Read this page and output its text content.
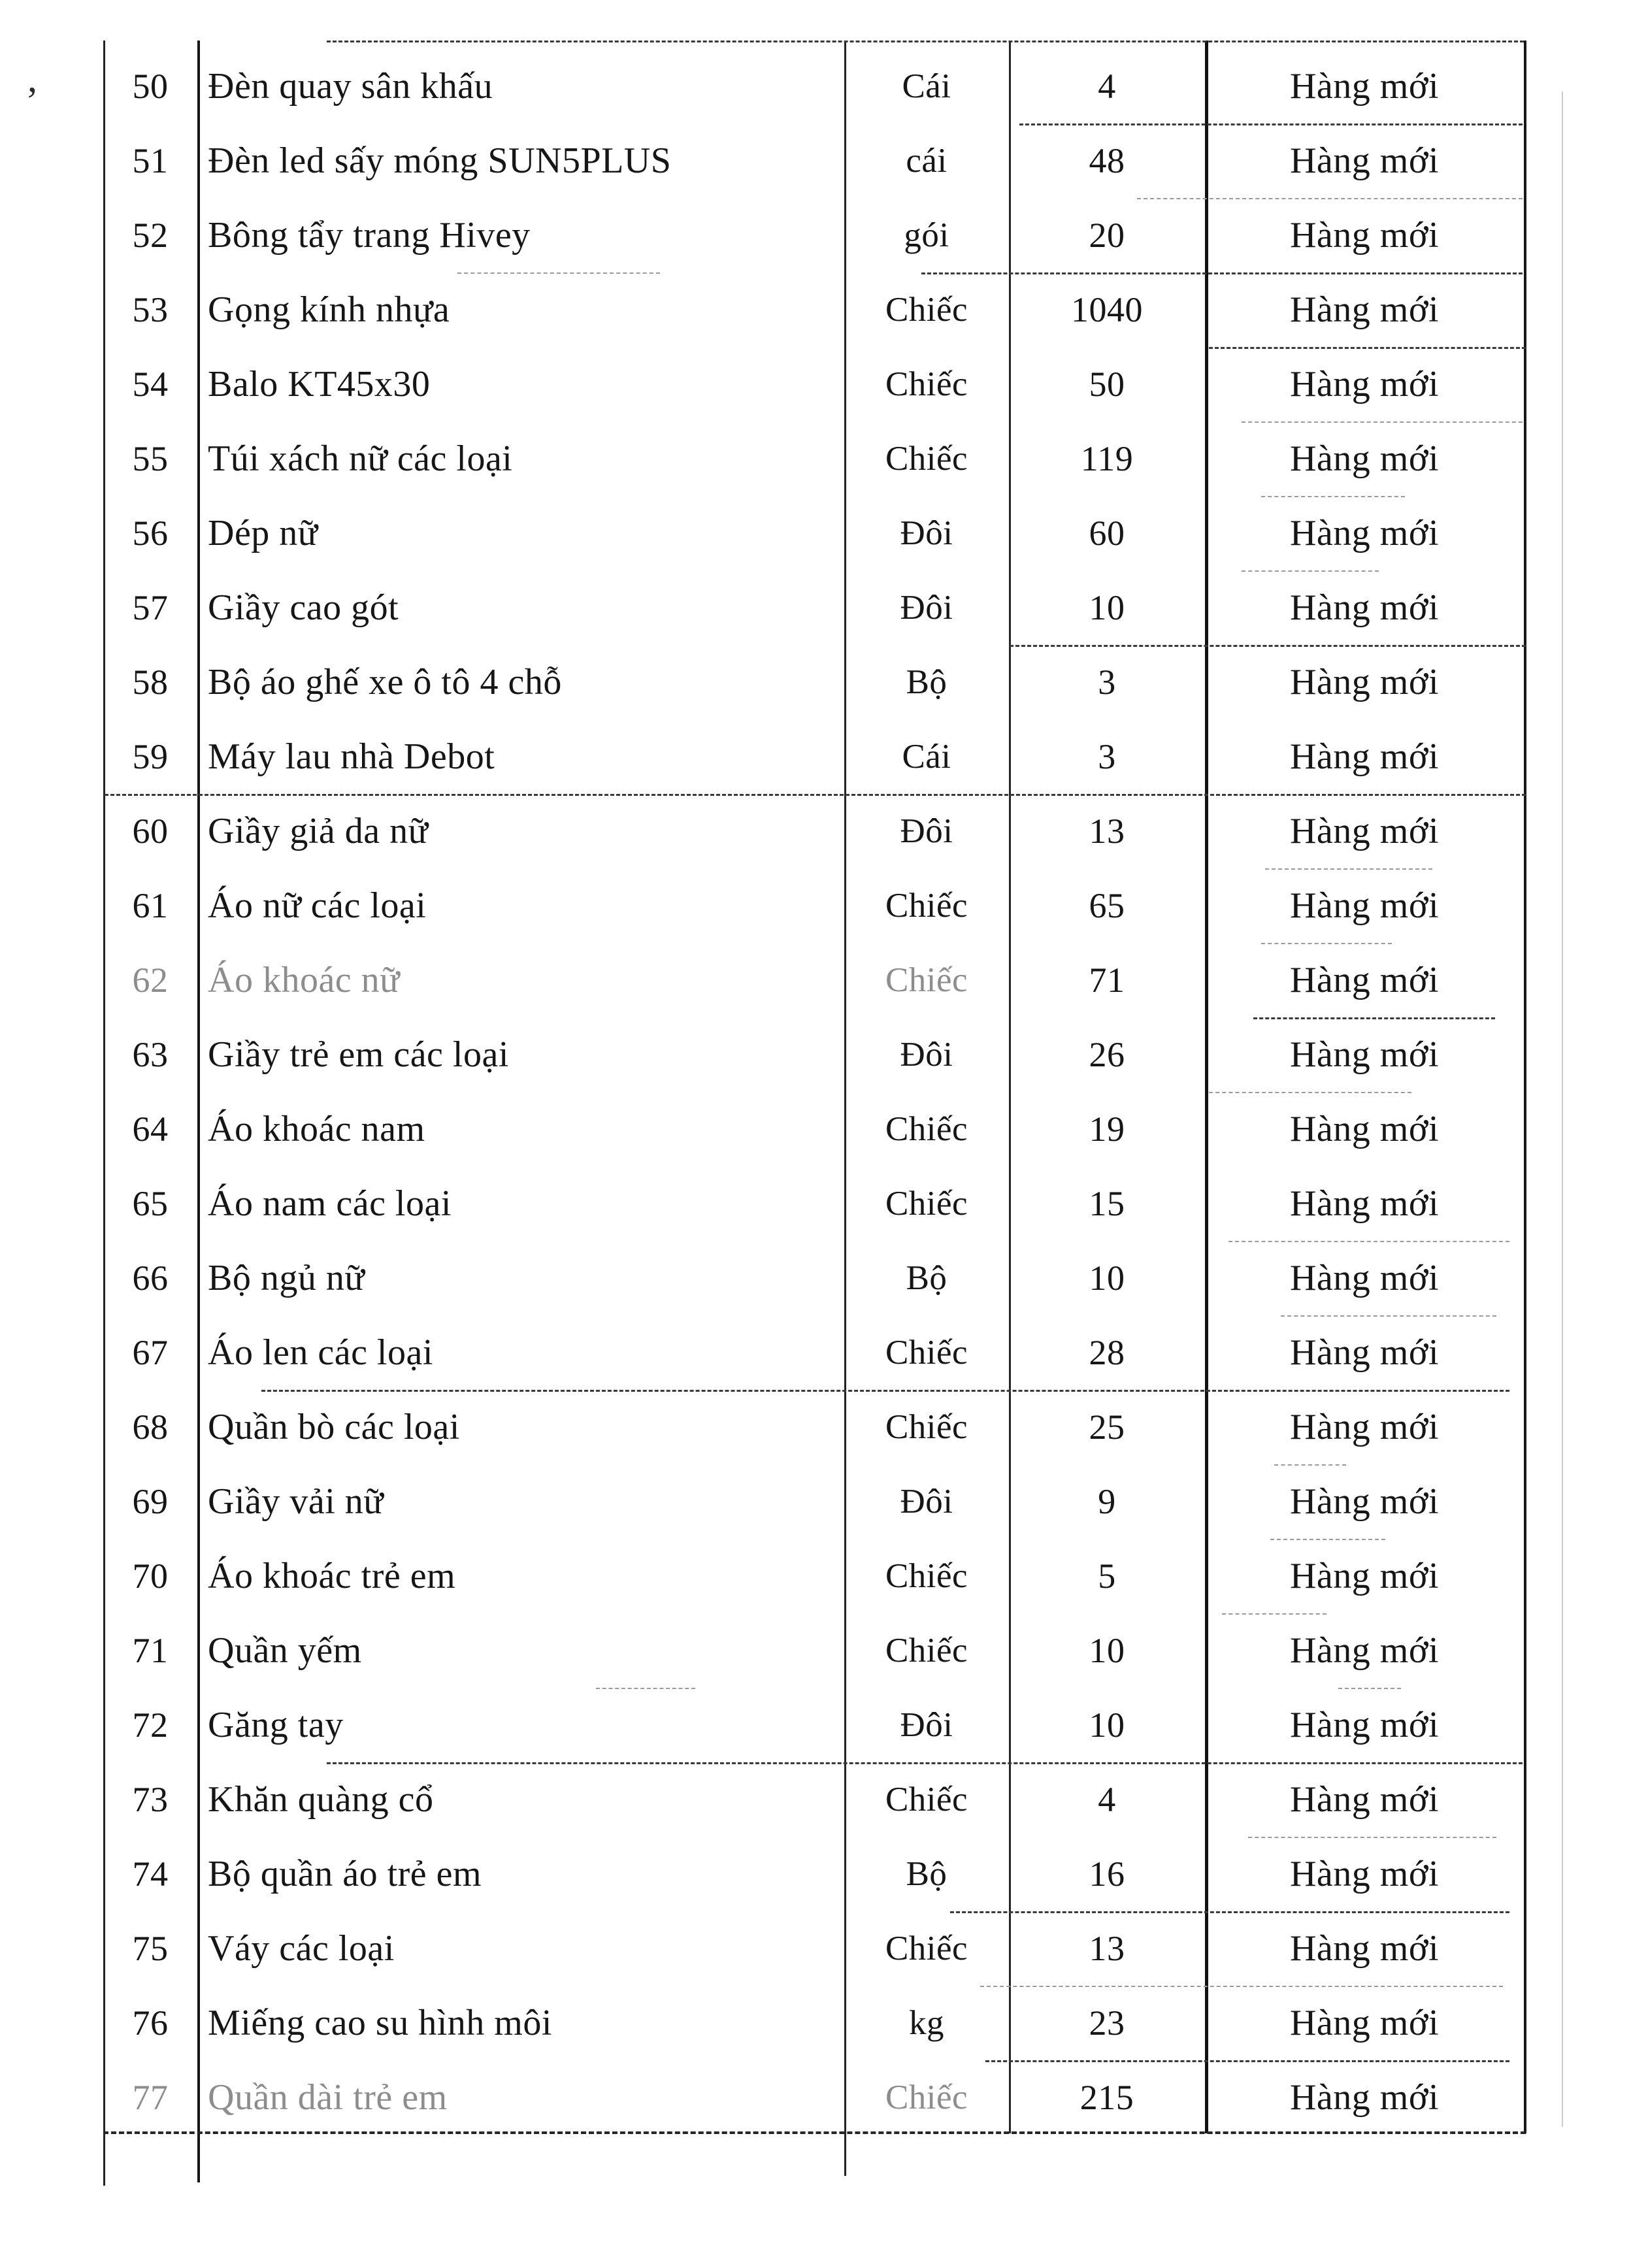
,	50	Đèn quay sân khấu	Cái	4	Hàng mới
51	Đèn led sấy móng SUN5PLUS	cái	48	Hàng mới
52	Bông tẩy trang Hivey	gói	20	Hàng mới
53	Gọng kính nhựa	Chiếc	1040	Hàng mới
54	Balo KT45x30	Chiếc	50	Hàng mới
55	Túi xách nữ các loại	Chiếc	119	Hàng mới
56	Dép nữ	Đôi	60	Hàng mới
57	Giầy cao gót	Đôi	10	Hàng mới
58	Bộ áo ghế xe ô tô 4 chỗ	Bộ	3	Hàng mới
59	Máy lau nhà Debot	Cái	3	Hàng mới
60	Giầy giả da nữ	Đôi	13	Hàng mới
61	Áo nữ các loại	Chiếc	65	Hàng mới
62	Áo khoác nữ	Chiếc	71	Hàng mới
63	Giầy trẻ em các loại	Đôi	26	Hàng mới
64	Áo khoác nam	Chiếc	19	Hàng mới
65	Áo nam các loại	Chiếc	15	Hàng mới
66	Bộ ngủ nữ	Bộ	10	Hàng mới
67	Áo len các loại	Chiếc	28	Hàng mới
68	Quần bò các loại	Chiếc	25	Hàng mới
69	Giầy vải nữ	Đôi	9	Hàng mới
70	Áo khoác trẻ em	Chiếc	5	Hàng mới
71	Quần yếm	Chiếc	10	Hàng mới
72	Găng tay	Đôi	10	Hàng mới
73	Khăn quàng cổ	Chiếc	4	Hàng mới
74	Bộ quần áo trẻ em	Bộ	16	Hàng mới
75	Váy các loại	Chiếc	13	Hàng mới
76	Miếng cao su hình môi	kg	23	Hàng mới
77	Quần dài trẻ em	Chiếc	215	Hàng mới
